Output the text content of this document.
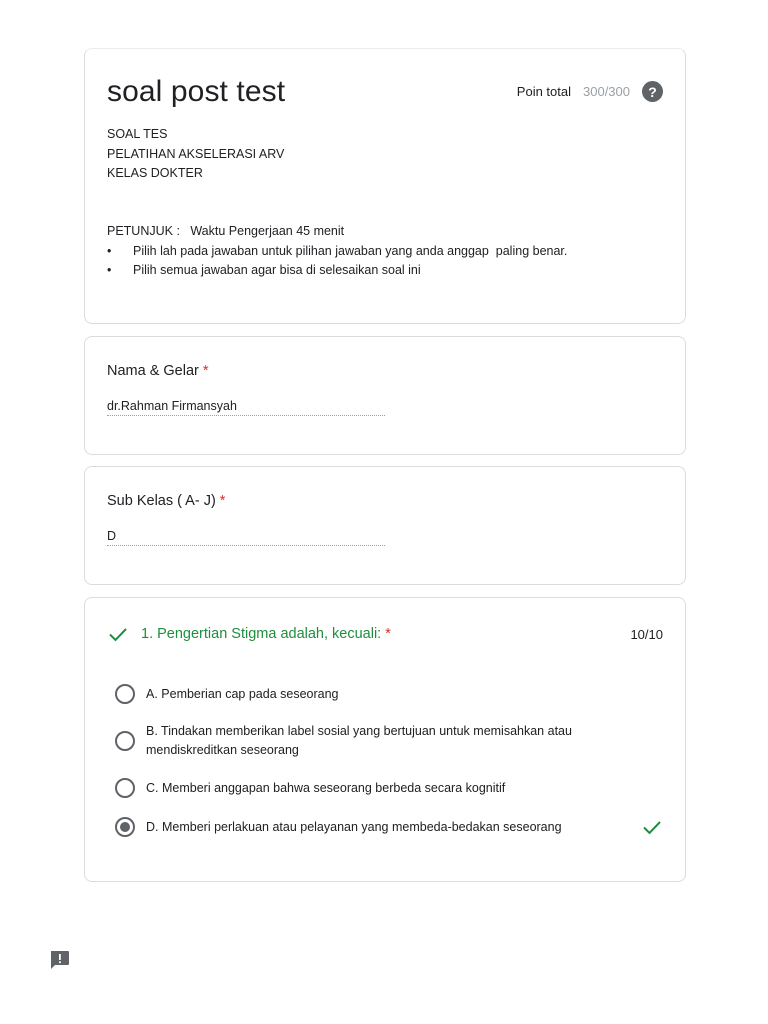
soal post test	Poin total 300/300	?
SOAL TES
PELATIHAN AKSELERASI ARV
KELAS DOKTER
PETUNJUK :   Waktu Pengerjaan 45 menit
•	Pilih lah pada jawaban untuk pilihan jawaban yang anda anggap  paling benar.
•	Pilih semua jawaban agar bisa di selesaikan soal ini
Nama & Gelar *
dr.Rahman Firmansyah
Sub Kelas ( A- J) *
D
1. Pengertian Stigma adalah, kecuali: *	10/10
A. Pemberian cap pada seseorang
B. Tindakan memberikan label sosial yang bertujuan untuk memisahkan atau mendiskreditkan seseorang
C. Memberi anggapan bahwa seseorang berbeda secara kognitif
D. Memberi perlakuan atau pelayanan yang membeda-bedakan seseorang
